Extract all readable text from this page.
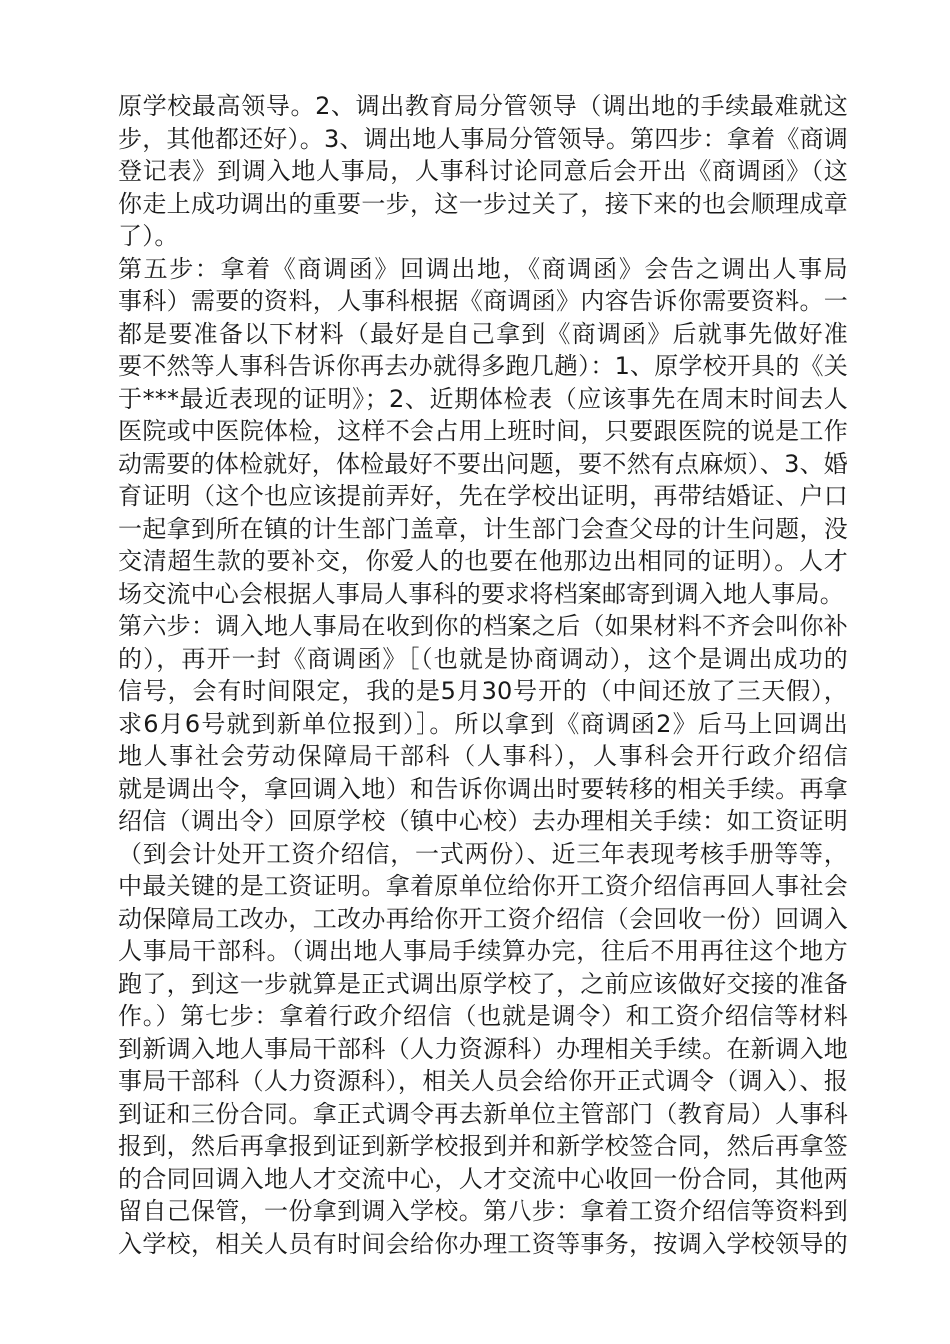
原学校最高领导。2、调出教育局分管领导（调出地的手续最难就这
步，其他都还好）。3、调出地人事局分管领导。第四步：拿着《商调
登记表》到调入地人事局，人事科讨论同意后会开出《商调函》（这
你走上成功调出的重要一步，这一步过关了，接下来的也会顺理成章
了）。
第五步：拿着《商调函》回调出地，《商调函》会告之调出人事局
事科）需要的资料，人事科根据《商调函》内容告诉你需要资料。一
都是要准备以下材料（最好是自己拿到《商调函》后就事先做好准
要不然等人事科告诉你再去办就得多跑几趟）：1、原学校开具的《关
于***最近表现的证明》；2、近期体检表（应该事先在周末时间去人
医院或中医院体检，这样不会占用上班时间，只要跟医院的说是工作
动需要的体检就好，体检最好不要出问题，要不然有点麻烦）、3、婚
育证明（这个也应该提前弄好，先在学校出证明，再带结婚证、户口
一起拿到所在镇的计生部门盖章，计生部门会查父母的计生问题，没
交清超生款的要补交，你爱人的也要在他那边出相同的证明）。人才
场交流中心会根据人事局人事科的要求将档案邮寄到调入地人事局。
第六步：调入地人事局在收到你的档案之后（如果材料不齐会叫你补
的），再开一封《商调函》［（也就是协商调动），这个是调出成功的
信号，会有时间限定，我的是5月30号开的（中间还放了三天假），
求6月6号就到新单位报到）］。所以拿到《商调函2》后马上回调出
地人事社会劳动保障局干部科（人事科），人事科会开行政介绍信
就是调出令，拿回调入地）和告诉你调出时要转移的相关手续。再拿
绍信（调出令）回原学校（镇中心校）去办理相关手续：如工资证明
（到会计处开工资介绍信，一式两份）、近三年表现考核手册等等，
中最关键的是工资证明。拿着原单位给你开工资介绍信再回人事社会
动保障局工改办，工改办再给你开工资介绍信（会回收一份）回调入
人事局干部科。（调出地人事局手续算办完，往后不用再往这个地方
跑了，到这一步就算是正式调出原学校了，之前应该做好交接的准备
作。）第七步：拿着行政介绍信（也就是调令）和工资介绍信等材料
到新调入地人事局干部科（人力资源科）办理相关手续。在新调入地
事局干部科（人力资源科），相关人员会给你开正式调令（调入）、报
到证和三份合同。拿正式调令再去新单位主管部门（教育局）人事科
报到，然后再拿报到证到新学校报到并和新学校签合同，然后再拿签
的合同回调入地人才交流中心，人才交流中心收回一份合同，其他两
留自己保管，一份拿到调入学校。第八步：拿着工资介绍信等资料到
入学校，相关人员有时间会给你办理工资等事务，按调入学校领导的
